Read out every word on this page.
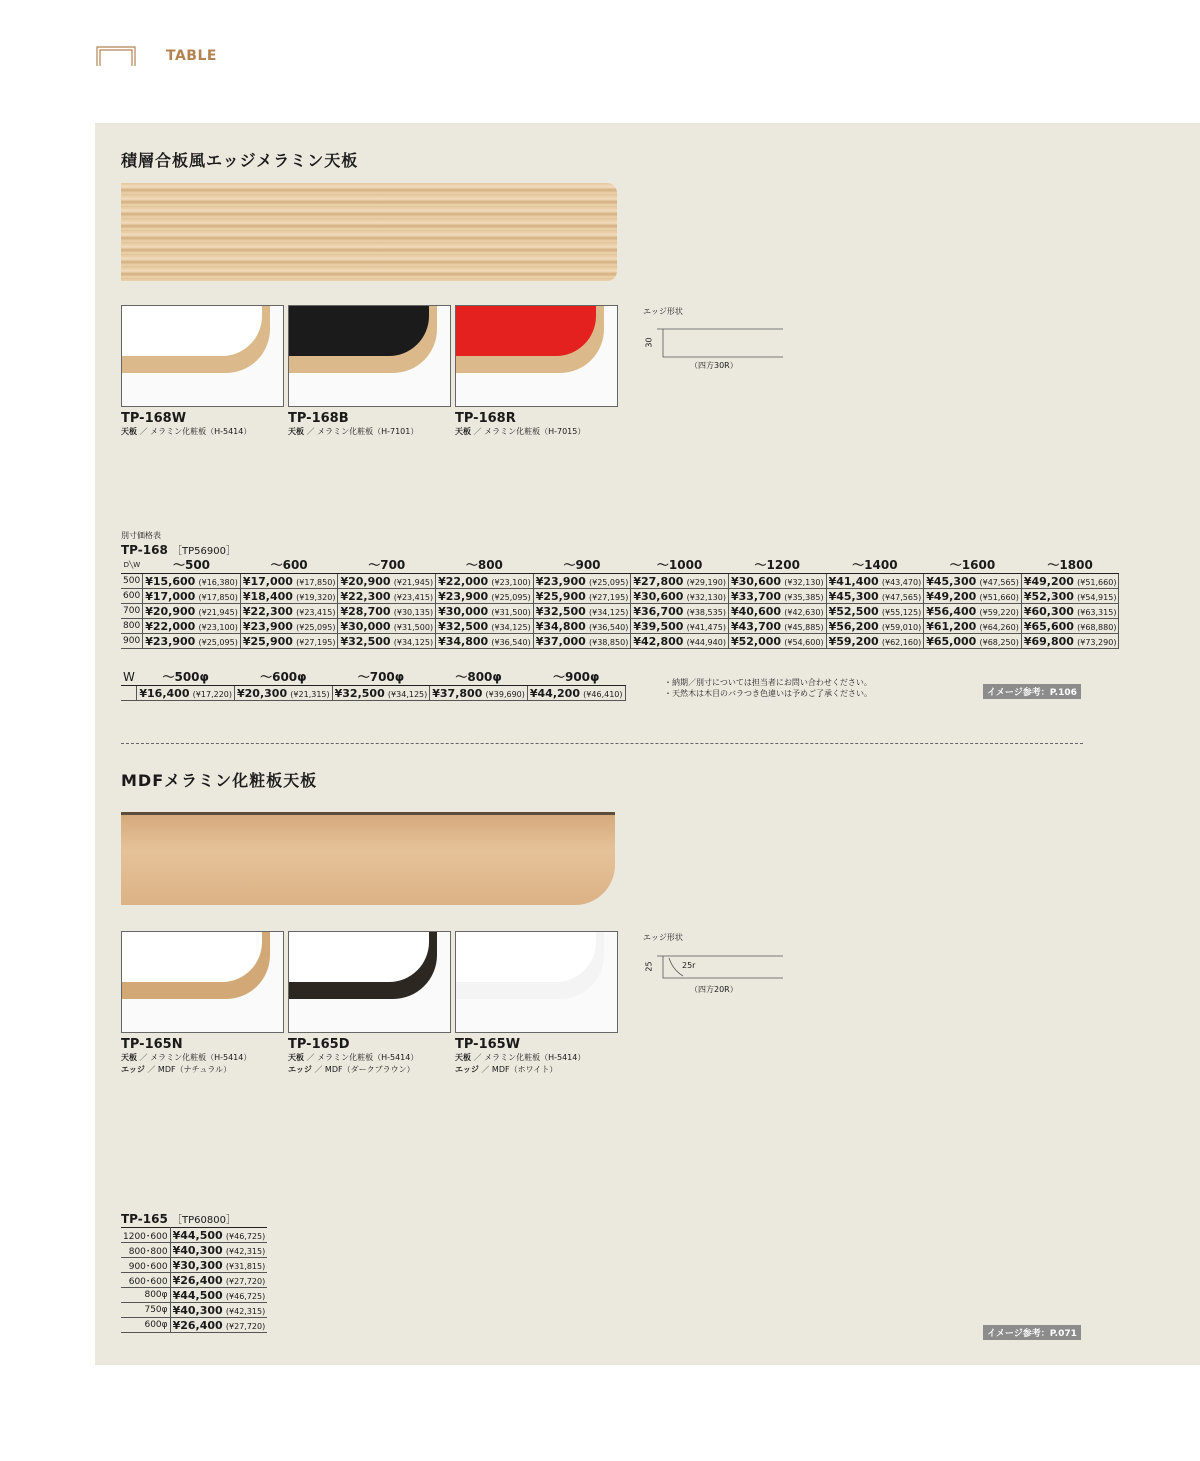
TABLE
積層合板風エッジメラミン天板
TP-168W
天板 ／ メラミン化粧板（H-5414）
TP-168B
天板 ／ メラミン化粧板（H-7101）
TP-168R
天板 ／ メラミン化粧板（H-7015）
エッジ形状
30
（四方30R）
別寸価格表
TP-168 ［TP56900］
D╲W	～500	～600	～700	～800	～900	～1000	～1200	～1400	～1600	～1800
500	¥15,600 (¥16,380)	¥17,000 (¥17,850)	¥20,900 (¥21,945)	¥22,000 (¥23,100)	¥23,900 (¥25,095)	¥27,800 (¥29,190)	¥30,600 (¥32,130)	¥41,400 (¥43,470)	¥45,300 (¥47,565)	¥49,200 (¥51,660)
600	¥17,000 (¥17,850)	¥18,400 (¥19,320)	¥22,300 (¥23,415)	¥23,900 (¥25,095)	¥25,900 (¥27,195)	¥30,600 (¥32,130)	¥33,700 (¥35,385)	¥45,300 (¥47,565)	¥49,200 (¥51,660)	¥52,300 (¥54,915)
700	¥20,900 (¥21,945)	¥22,300 (¥23,415)	¥28,700 (¥30,135)	¥30,000 (¥31,500)	¥32,500 (¥34,125)	¥36,700 (¥38,535)	¥40,600 (¥42,630)	¥52,500 (¥55,125)	¥56,400 (¥59,220)	¥60,300 (¥63,315)
800	¥22,000 (¥23,100)	¥23,900 (¥25,095)	¥30,000 (¥31,500)	¥32,500 (¥34,125)	¥34,800 (¥36,540)	¥39,500 (¥41,475)	¥43,700 (¥45,885)	¥56,200 (¥59,010)	¥61,200 (¥64,260)	¥65,600 (¥68,880)
900	¥23,900 (¥25,095)	¥25,900 (¥27,195)	¥32,500 (¥34,125)	¥34,800 (¥36,540)	¥37,000 (¥38,850)	¥42,800 (¥44,940)	¥52,000 (¥54,600)	¥59,200 (¥62,160)	¥65,000 (¥68,250)	¥69,800 (¥73,290)
W	～500φ	～600φ	～700φ	～800φ	～900φ
	¥16,400 (¥17,220)	¥20,300 (¥21,315)	¥32,500 (¥34,125)	¥37,800 (¥39,690)	¥44,200 (¥46,410)
・納期／別寸については担当者にお問い合わせください。
・天然木は木目のバラつき色違いは予めご了承ください。	イメージ参考：P.106
MDFメラミン化粧板天板
TP-165N
天板 ／ メラミン化粧板（H-5414）
エッジ ／ MDF（ナチュラル）
TP-165D
天板 ／ メラミン化粧板（H-5414）
エッジ ／ MDF（ダークブラウン）
TP-165W
天板 ／ メラミン化粧板（H-5414）
エッジ ／ MDF（ホワイト）
エッジ形状
25	25r
（四方20R）
TP-165 ［TP60800］
1200･600	¥44,500 (¥46,725)
800･800	¥40,300 (¥42,315)
900･600	¥30,300 (¥31,815)
600･600	¥26,400 (¥27,720)
800φ	¥44,500 (¥46,725)
750φ	¥40,300 (¥42,315)
600φ	¥26,400 (¥27,720)
イメージ参考：P.071
